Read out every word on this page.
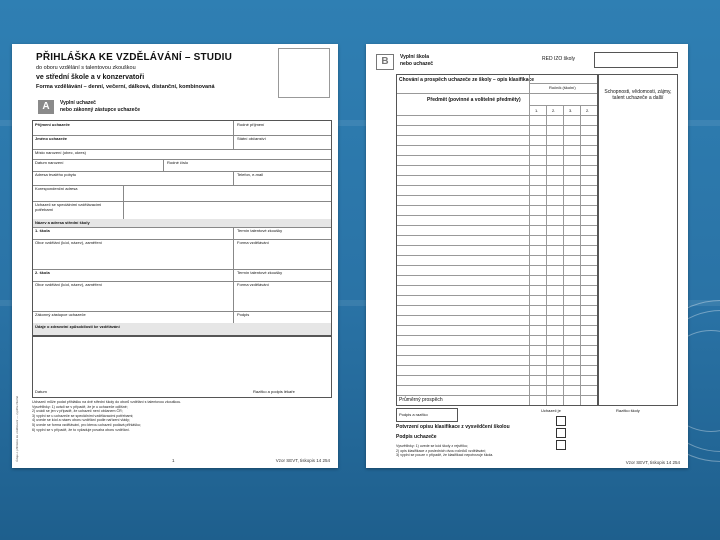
Údaje o přihlášce ke vzdělávání — vyplňte čitelně
PŘIHLÁŠKA KE VZDĚLÁVÁNÍ – STUDIU
do oboru vzdělání s talentovou zkouškou
ve střední škole a v konzervatoři
Forma vzdělávání – denní, večerní, dálková, distanční, kombinovaná
A	Vyplní uchazeč
nebo zákonný zástupce uchazeče
Příjmení uchazeče	Rodné příjmení
Jméno uchazeče	Státní občanství
Místo narození (obec, okres)
Datum narození	Rodné číslo
Adresa trvalého pobytu	Telefon, e-mail
Korespondenční adresa
Uchazeč se speciálními vzdělávacími potřebami
Název a adresa střední školy
1. škola	Termín talentové zkoušky
Obor vzdělání (kód, název), zaměření	Forma vzdělávání
2. škola	Termín talentové zkoušky
Obor vzdělání (kód, název), zaměření	Forma vzdělávání
Zákonný zástupce uchazeče	Podpis
Údaje o zdravotní způsobilosti ke vzdělávání
Datum	Razítko a podpis lékaře
Uchazeč může podat přihlášku na dvě střední školy do oborů vzdělání s talentovou zkouškou.
Vysvětlivky: 1) uvádí se v případě, že je u uchazeče odlišné;
2) uvádí se jen v případě, že uchazeč není občanem ČR;
3) vyplní se u uchazeče se speciálními vzdělávacími potřebami;
4) uvede se kód a název oboru vzdělání podle nařízení vlády;
5) uvede se forma vzdělávání, pro kterou uchazeč podává přihlášku;
6) vyplní se v případě, že to vyžaduje povaha oboru vzdělání.
1	Vzor SEVT, tiskopis 14 254
B	Vyplní škola
nebo uchazeč
RED IZO školy
Chování a prospěch uchazeče ze školy – opis klasifikace
Ročník (školní)
Předmět (povinné a volitelné předměty)
1.	2.	3.	2.
Průměrný prospěch
Schopnosti, vědomosti, zájmy, talent uchazeče a další
Podpis a razítko
Uchazeč je	Razítko školy
Potvrzení opisu klasifikace z vysvědčení školou
Podpis uchazeče
Vysvětlivky: 1) uvede se kód školy z rejstříku;
2) opis klasifikace z posledních dvou ročníků vzdělávání;
3) vyplní se pouze v případě, že klasifikaci nepotvrzuje škola.
Vzor SEVT, tiskopis 14 254
